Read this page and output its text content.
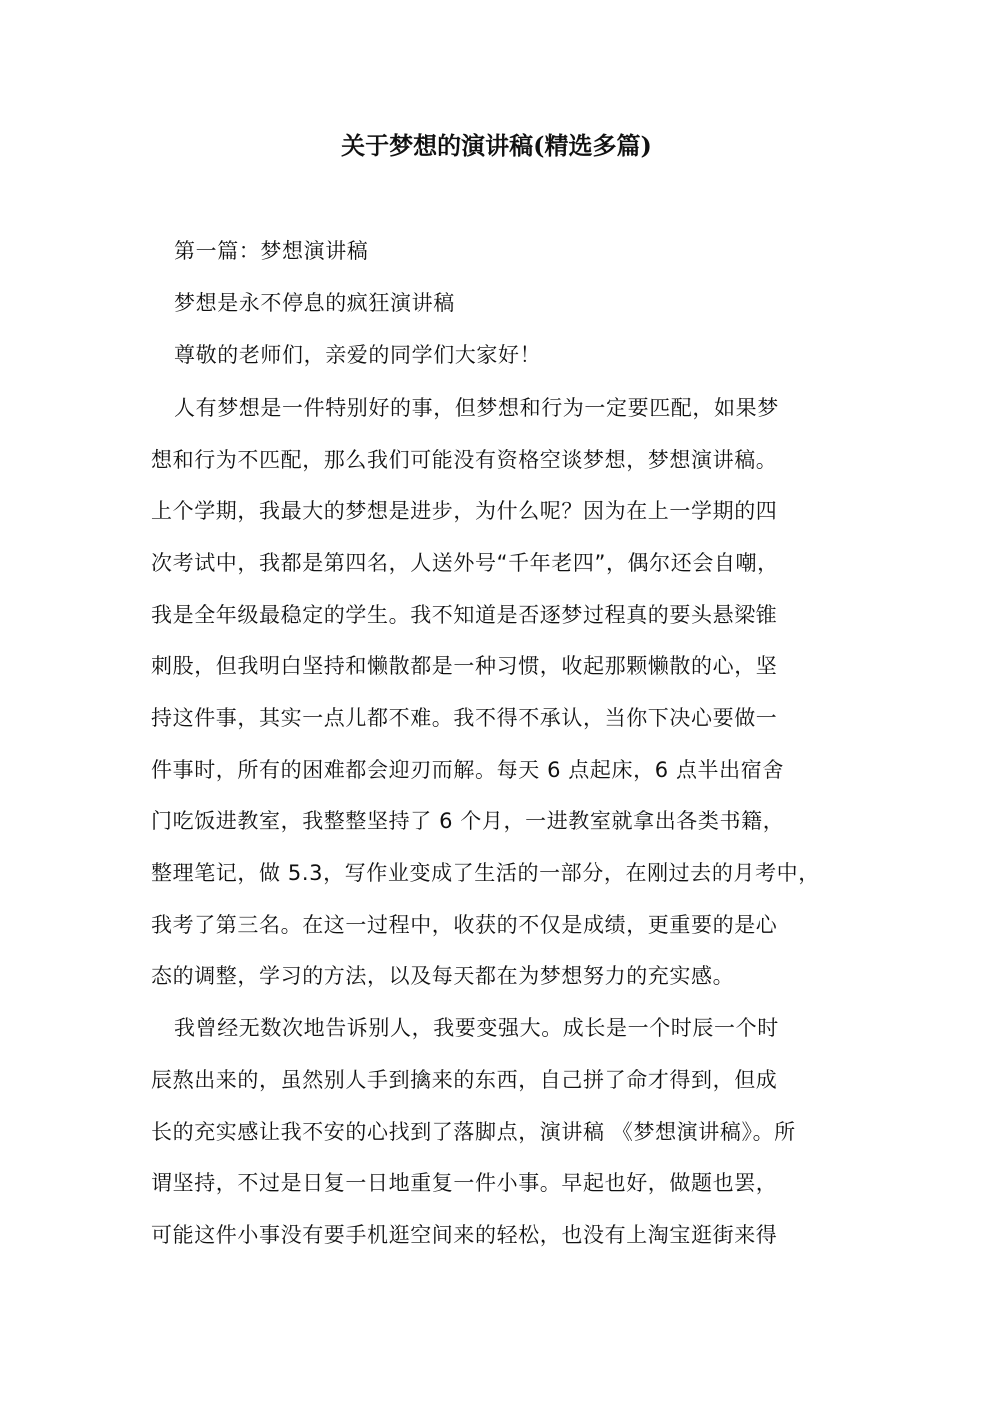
关于梦想的演讲稿(精选多篇)

第一篇：梦想演讲稿

梦想是永不停息的疯狂演讲稿

尊敬的老师们，亲爱的同学们大家好！

人有梦想是一件特别好的事，但梦想和行为一定要匹配，如果梦

想和行为不匹配，那么我们可能没有资格空谈梦想，梦想演讲稿。

上个学期，我最大的梦想是进步，为什么呢？因为在上一学期的四

次考试中，我都是第四名，人送外号“千年老四”，偶尔还会自嘲，

我是全年级最稳定的学生。我不知道是否逐梦过程真的要头悬梁锥

刺股，但我明白坚持和懒散都是一种习惯，收起那颗懒散的心，坚

持这件事，其实一点儿都不难。我不得不承认，当你下决心要做一

件事时，所有的困难都会迎刃而解。每天 6 点起床，6 点半出宿舍

门吃饭进教室，我整整坚持了 6 个月，一进教室就拿出各类书籍，

整理笔记，做 5.3，写作业变成了生活的一部分，在刚过去的月考中，

我考了第三名。在这一过程中，收获的不仅是成绩，更重要的是心

态的调整，学习的方法，以及每天都在为梦想努力的充实感。

我曾经无数次地告诉别人，我要变强大。成长是一个时辰一个时

辰熬出来的，虽然别人手到擒来的东西，自己拼了命才得到，但成

长的充实感让我不安的心找到了落脚点，演讲稿 《梦想演讲稿》。所

谓坚持，不过是日复一日地重复一件小事。早起也好，做题也罢，

可能这件小事没有要手机逛空间来的轻松，也没有上淘宝逛街来得
